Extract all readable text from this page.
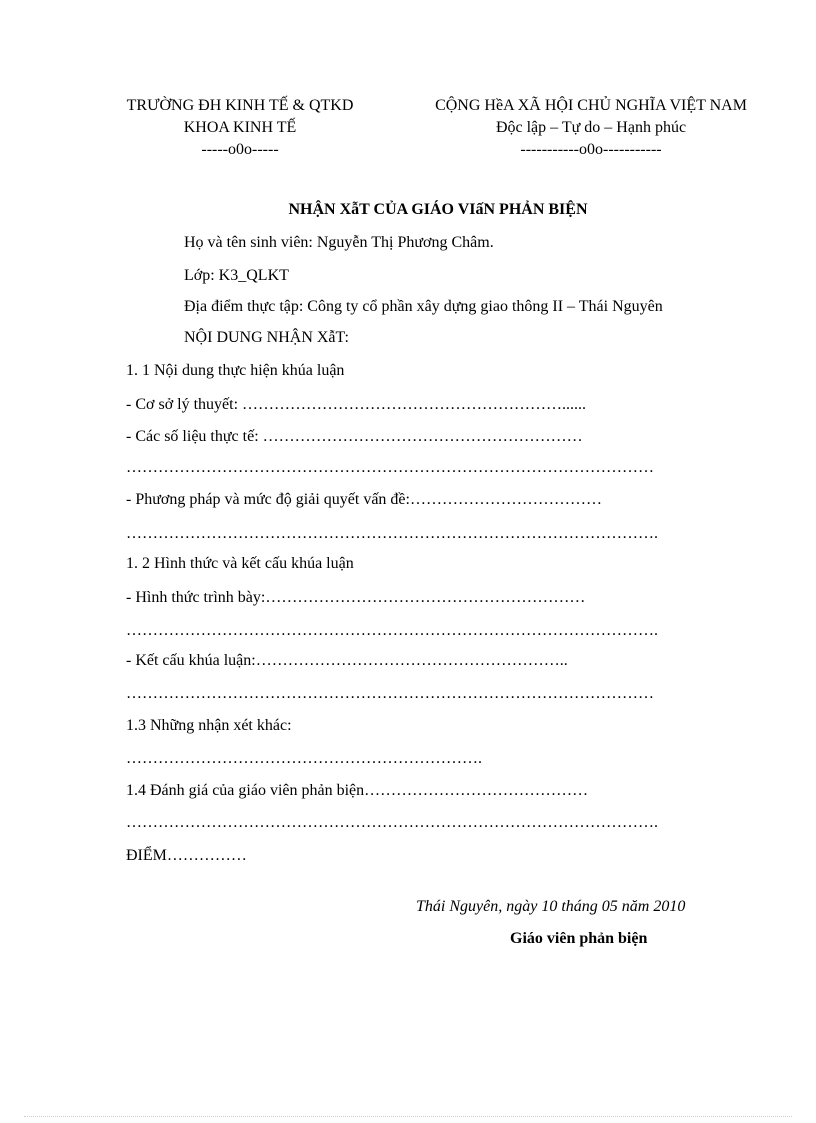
TRƯỜNG ĐH KINH TẾ & QTKD
KHOA KINH TẾ
-----o0o-----
CỘNG HềA XÃ HỘI CHỦ NGHĨA VIỆT NAM
Độc lập – Tự do – Hạnh phúc
-----------o0o-----------
NHẬN XẫT CỦA GIÁO VIấN PHẢN BIỆN
Họ và tên sinh viên: Nguyễn Thị Phương Châm.
Lớp: K3_QLKT
Địa điểm thực tập: Công ty cổ phần xây dựng giao thông II – Thái Nguyên
NỘI DUNG NHẬN XẫT:
1. 1 Nội dung thực hiện khúa luận
- Cơ sở lý thuyết: ……………………………………………………......
- Các số liệu thực tế: ……………………………………………………
………………………………………………………………………………………
- Phương pháp và mức độ giải quyết vấn đề:………………………………
……………………………………………………………………………………….
1. 2 Hình thức và kết cấu khúa luận
- Hình thức trình bày:……………………………………………………
……………………………………………………………………………………….
- Kết cấu khúa luận:…………………………………………………..
………………………………………………………………………………………
1.3 Những nhận xét khác:
………………………………………………………….
1.4 Đánh giá của giáo viên phản biện……………………………………
……………………………………………………………………………………….
ĐIỂM……………
Thái Nguyên, ngày 10 tháng 05 năm 2010
Giáo viên phản biện
